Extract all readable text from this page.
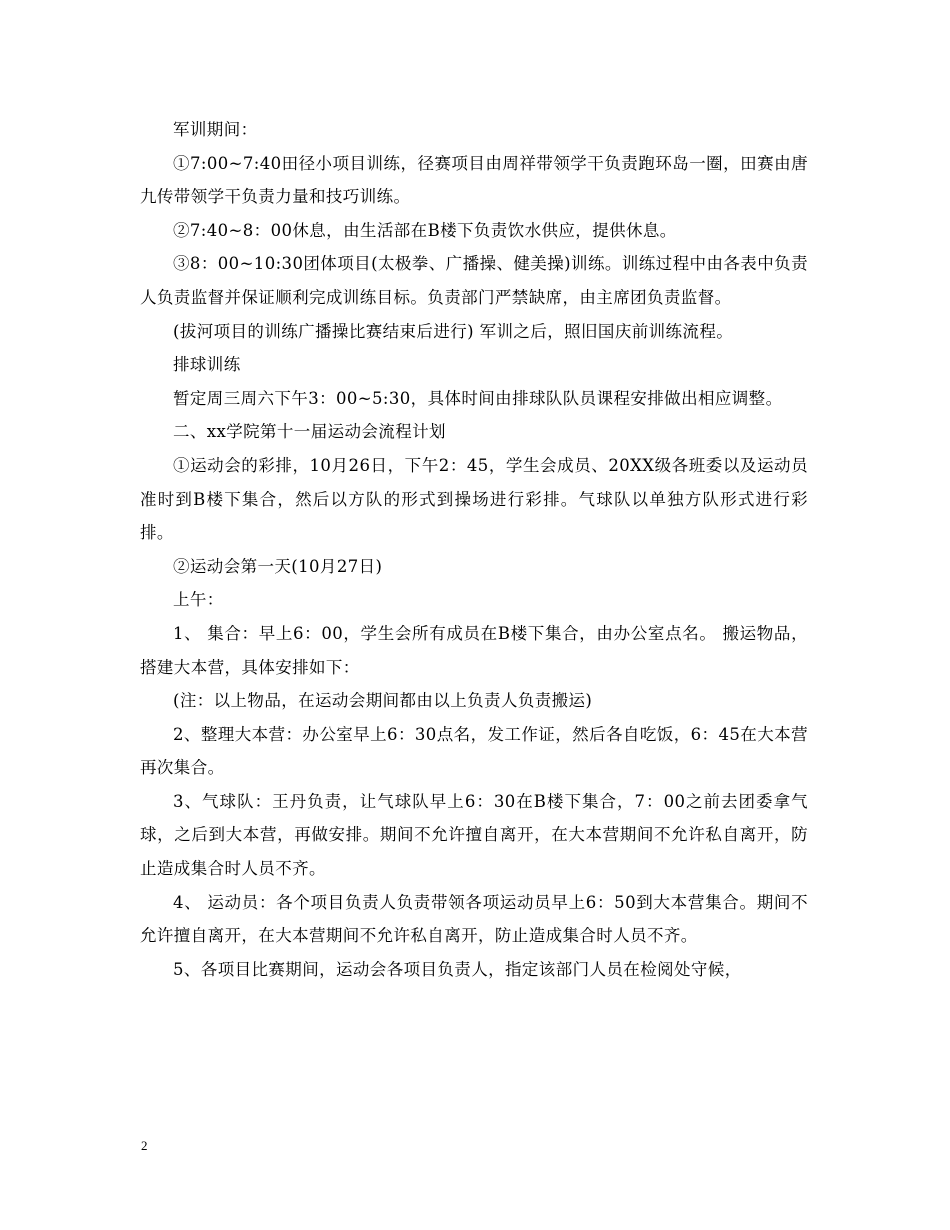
军训期间：

①7:00~7:40田径小项目训练，径赛项目由周祥带领学干负责跑环岛一圈，田赛由唐九传带领学干负责力量和技巧训练。

②7:40~8：00休息，由生活部在B楼下负责饮水供应，提供休息。

③8：00~10:30团体项目(太极拳、广播操、健美操)训练。训练过程中由各表中负责人负责监督并保证顺利完成训练目标。负责部门严禁缺席，由主席团负责监督。

(拔河项目的训练广播操比赛结束后进行) 军训之后，照旧国庆前训练流程。

排球训练

暂定周三周六下午3：00~5:30，具体时间由排球队队员课程安排做出相应调整。

二、xx学院第十一届运动会流程计划

①运动会的彩排，10月26日，下午2：45，学生会成员、20XX级各班委以及运动员准时到B楼下集合，然后以方队的形式到操场进行彩排。气球队以单独方队形式进行彩排。

②运动会第一天(10月27日)

上午：

1、 集合：早上6：00，学生会所有成员在B楼下集合，由办公室点名。 搬运物品，搭建大本营，具体安排如下：

(注：以上物品，在运动会期间都由以上负责人负责搬运)

2、整理大本营：办公室早上6：30点名，发工作证，然后各自吃饭，6：45在大本营再次集合。

3、气球队：王丹负责，让气球队早上6：30在B楼下集合，7：00之前去团委拿气球，之后到大本营，再做安排。期间不允许擅自离开，在大本营期间不允许私自离开，防止造成集合时人员不齐。

4、 运动员：各个项目负责人负责带领各项运动员早上6：50到大本营集合。期间不允许擅自离开，在大本营期间不允许私自离开，防止造成集合时人员不齐。

5、各项目比赛期间，运动会各项目负责人，指定该部门人员在检阅处守候，

2
